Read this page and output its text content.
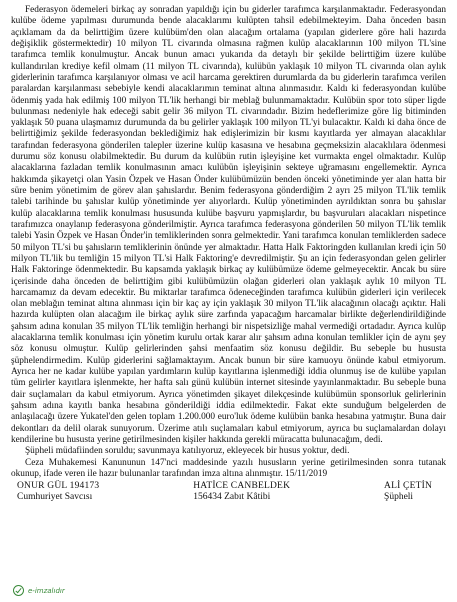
Federasyon ödemeleri birkaç ay sonradan yapıldığı için bu giderler tarafımca karşılanmaktadır. Federasyondan kulübe ödeme yapılması durumunda bende alacaklarımı kulüpten tahsil edebilmekteyim. Daha önceden basın açıklamam da da belirttiğim üzere kulübüm'den olan alacağım ortalama (yapılan giderlere göre hali hazırda değişiklik göstermektedir) 10 milyon TL civarında olmasına rağmen kulüp alacaklarının 100 milyon TL'sine tarafımca temlik konulmuştur. Ancak bunun amacı yukarıda da detaylı bir şekilde belirttiğim üzere kulübe kullandırılan krediye kefil olmam (11 milyon TL civarında), kulübün yaklaşık 10 milyon TL civarında olan aylık giderlerinin tarafımca karşılanıyor olması ve acil harcama gerektiren durumlarda da bu giderlerin tarafımca verilen paralardan karşılanması sebebiyle kendi alacaklarımın teminat altına alınmasıdır. Kaldı ki federasyondan kulübe ödenmiş yada hak edilmiş 100 milyon TL'lik herhangi bir meblağ bulunmamaktadır. Kulübün spor toto süper ligde bulunması nedeniyle hak edeceği sabit gelir 36 milyon TL civarındadır. Bizim hedeflerimize göre lig bitiminden yaklaşık 50 puana ulaşmamız durumunda da bu gelirler yaklaşık 100 milyon TL'yi bulacaktır. Kaldı ki daha önce de belirttiğimiz şekilde federasyondan beklediğimiz hak edişlerimizin bir kısmı kayıtlarda yer almayan alacaklılar tarafından federasyona gönderilen talepler üzerine kulüp kasasına ve hesabına geçmeksizin alacaklılara ödenmesi durumu söz konusu olabilmektedir. Bu durum da kulübün rutin işleyişine ket vurmakta engel olmaktadır. Kulüp alacaklarına fazladan temlik konulmasının amacı kulübün işleyişinin sekteye uğramasını engellemektir. Ayrıca hakkımda şikayetçi olan Yasin Özpek ve Hasan Önder kulübümüzün benden önceki yönetiminde yer alan hatta bir süre benim yönetimim de görev alan şahıslardır. Benim federasyona gönderdiğim 2 ayrı 25 milyon TL'lik temlik talebi tarihinde bu şahıslar kulüp yönetiminde yer alıyorlardı. Kulüp yönetiminden ayrıldıktan sonra bu şahıslar kulüp alacaklarına temlik konulması hususunda kulübe başvuru yapmışlardır, bu başvuruları alacakları nispetince tarafımızca onaylanıp federasyona gönderilmiştir. Ayrıca tarafımca federasyona gönderilen 50 milyon TL'lik temlik talebi Yasin Özpek ve Hasan Önder'in temliklerinden sonra gelmektedir. Yani tarafımca konulan temliklerden sadece 50 milyon TL'si bu şahısların temliklerinin önünde yer almaktadır. Hatta Halk Faktoringden kullanılan kredi için 50 milyon TL'lik bu temliğin 15 milyon TL'si Halk Faktoring'e devredilmiştir. Şu an için federasyondan gelen gelirler Halk Faktoringe ödenmektedir. Bu kapsamda yaklaşık birkaç ay kulübümüze ödeme gelmeyecektir. Ancak bu süre içerisinde daha önceden de belirttiğim gibi kulübümüzün olağan giderleri olan yaklaşık aylık 10 milyon TL harcamamız da devam edecektir. Bu miktarlar tarafımca ödeneceğinden tarafımca kulübün giderleri için verilecek olan meblağın teminat altına alınması için bir kaç ay için yaklaşık 30 milyon TL'lik alacağının olacağı açıktır. Hali hazırda kulüpten olan alacağım ile birkaç aylık süre zarfında yapacağım harcamalar birlikte değerlendirildiğinde şahsım adına konulan 35 milyon TL'lik temliğin herhangi bir nispetsizliğe mahal vermediği ortadadır. Ayrıca kulüp alacaklarına temlik konulması için yönetim kurulu ortak karar alır şahsım adına konulan temlikler için de aynı şey söz konusu olmuştur. Kulüp gelirlerinden şahsi menfaatim söz konusu değildir. Bu sebeple bu hususta şüphelendirmedim. Kulüp giderlerini sağlamaktayım. Ancak bunun bir süre kamuoyu önünde kabul etmiyorum. Ayrıca her ne kadar kulübe yapılan yardımların kulüp kayıtlarına işlenmediği iddia olunmuş ise de kulübe yapılan tüm gelirler kayıtlara işlenmekte, her hafta salı günü kulübün internet sitesinde yayınlanmaktadır. Bu sebeple buna dair suçlamaları da kabul etmiyorum. Ayrıca yönetimden şikayet dilekçesinde kulübümün sponsorluk gelirlerinin şahsım adına kayıtlı banka hesabına gönderildiği iddia edilmektedir. Fakat ekte sunduğum belgelerden de anlaşılacağı üzere Yukatel'den gelen toplam 1.200.000 euro'luk ödeme kulübün banka hesabına yatmıştır. Buna dair dekontları da delil olarak sunuyorum. Üzerime atılı suçlamaları kabul etmiyorum, ayrıca bu suçlamalardan dolayı kendilerine bu hususta yerine getirilmesinden kişiler hakkında gerekli müracatta bulunacağım, dedi.

Şüpheli müdafiinden soruldu; savunmaya katılıyoruz, ekleyecek bir husus yoktur, dedi.

Ceza Muhakemesi Kanununun 147'nci maddesinde yazılı hususların yerine getirilmesinden sonra tutanak okunup, ifade veren ile hazır bulunanlar tarafından imza altına alınmıştır. 15/11/2019

ONUR GÜL 194173
Cumhuriyet Savcısı
HATİCE CANBELDEK
156434 Zabıt Kâtibi
ALİ ÇETİN
Şüpheli
e-imzalıdır
